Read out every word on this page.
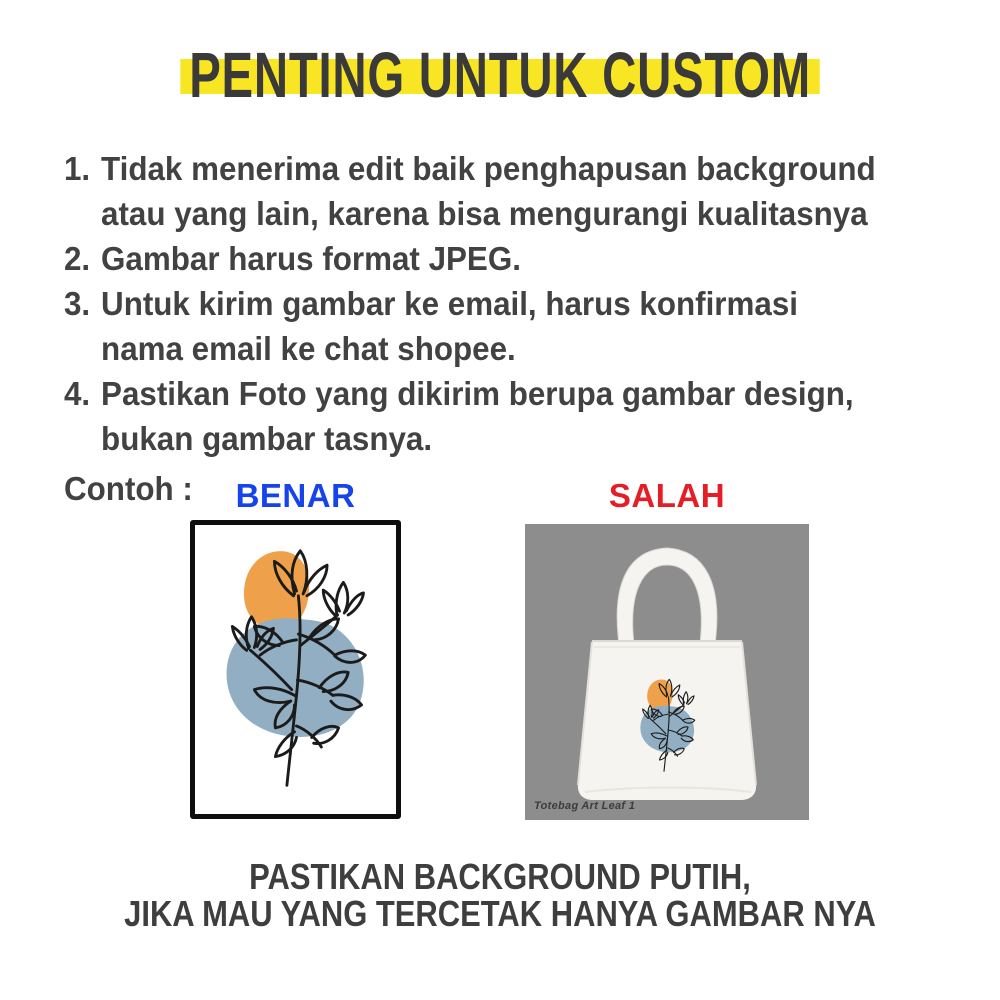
PENTING UNTUK CUSTOM
1. Tidak menerima edit baik penghapusan background
atau yang lain, karena bisa mengurangi kualitasnya
2. Gambar harus format JPEG.
3. Untuk kirim gambar ke email, harus konfirmasi
nama email ke chat shopee.
4. Pastikan Foto yang dikirim berupa gambar design,
bukan gambar tasnya.
Contoh :	BENAR	SALAH
Totebag Art Leaf 1
PASTIKAN BACKGROUND PUTIH,
JIKA MAU YANG TERCETAK HANYA GAMBAR NYA
